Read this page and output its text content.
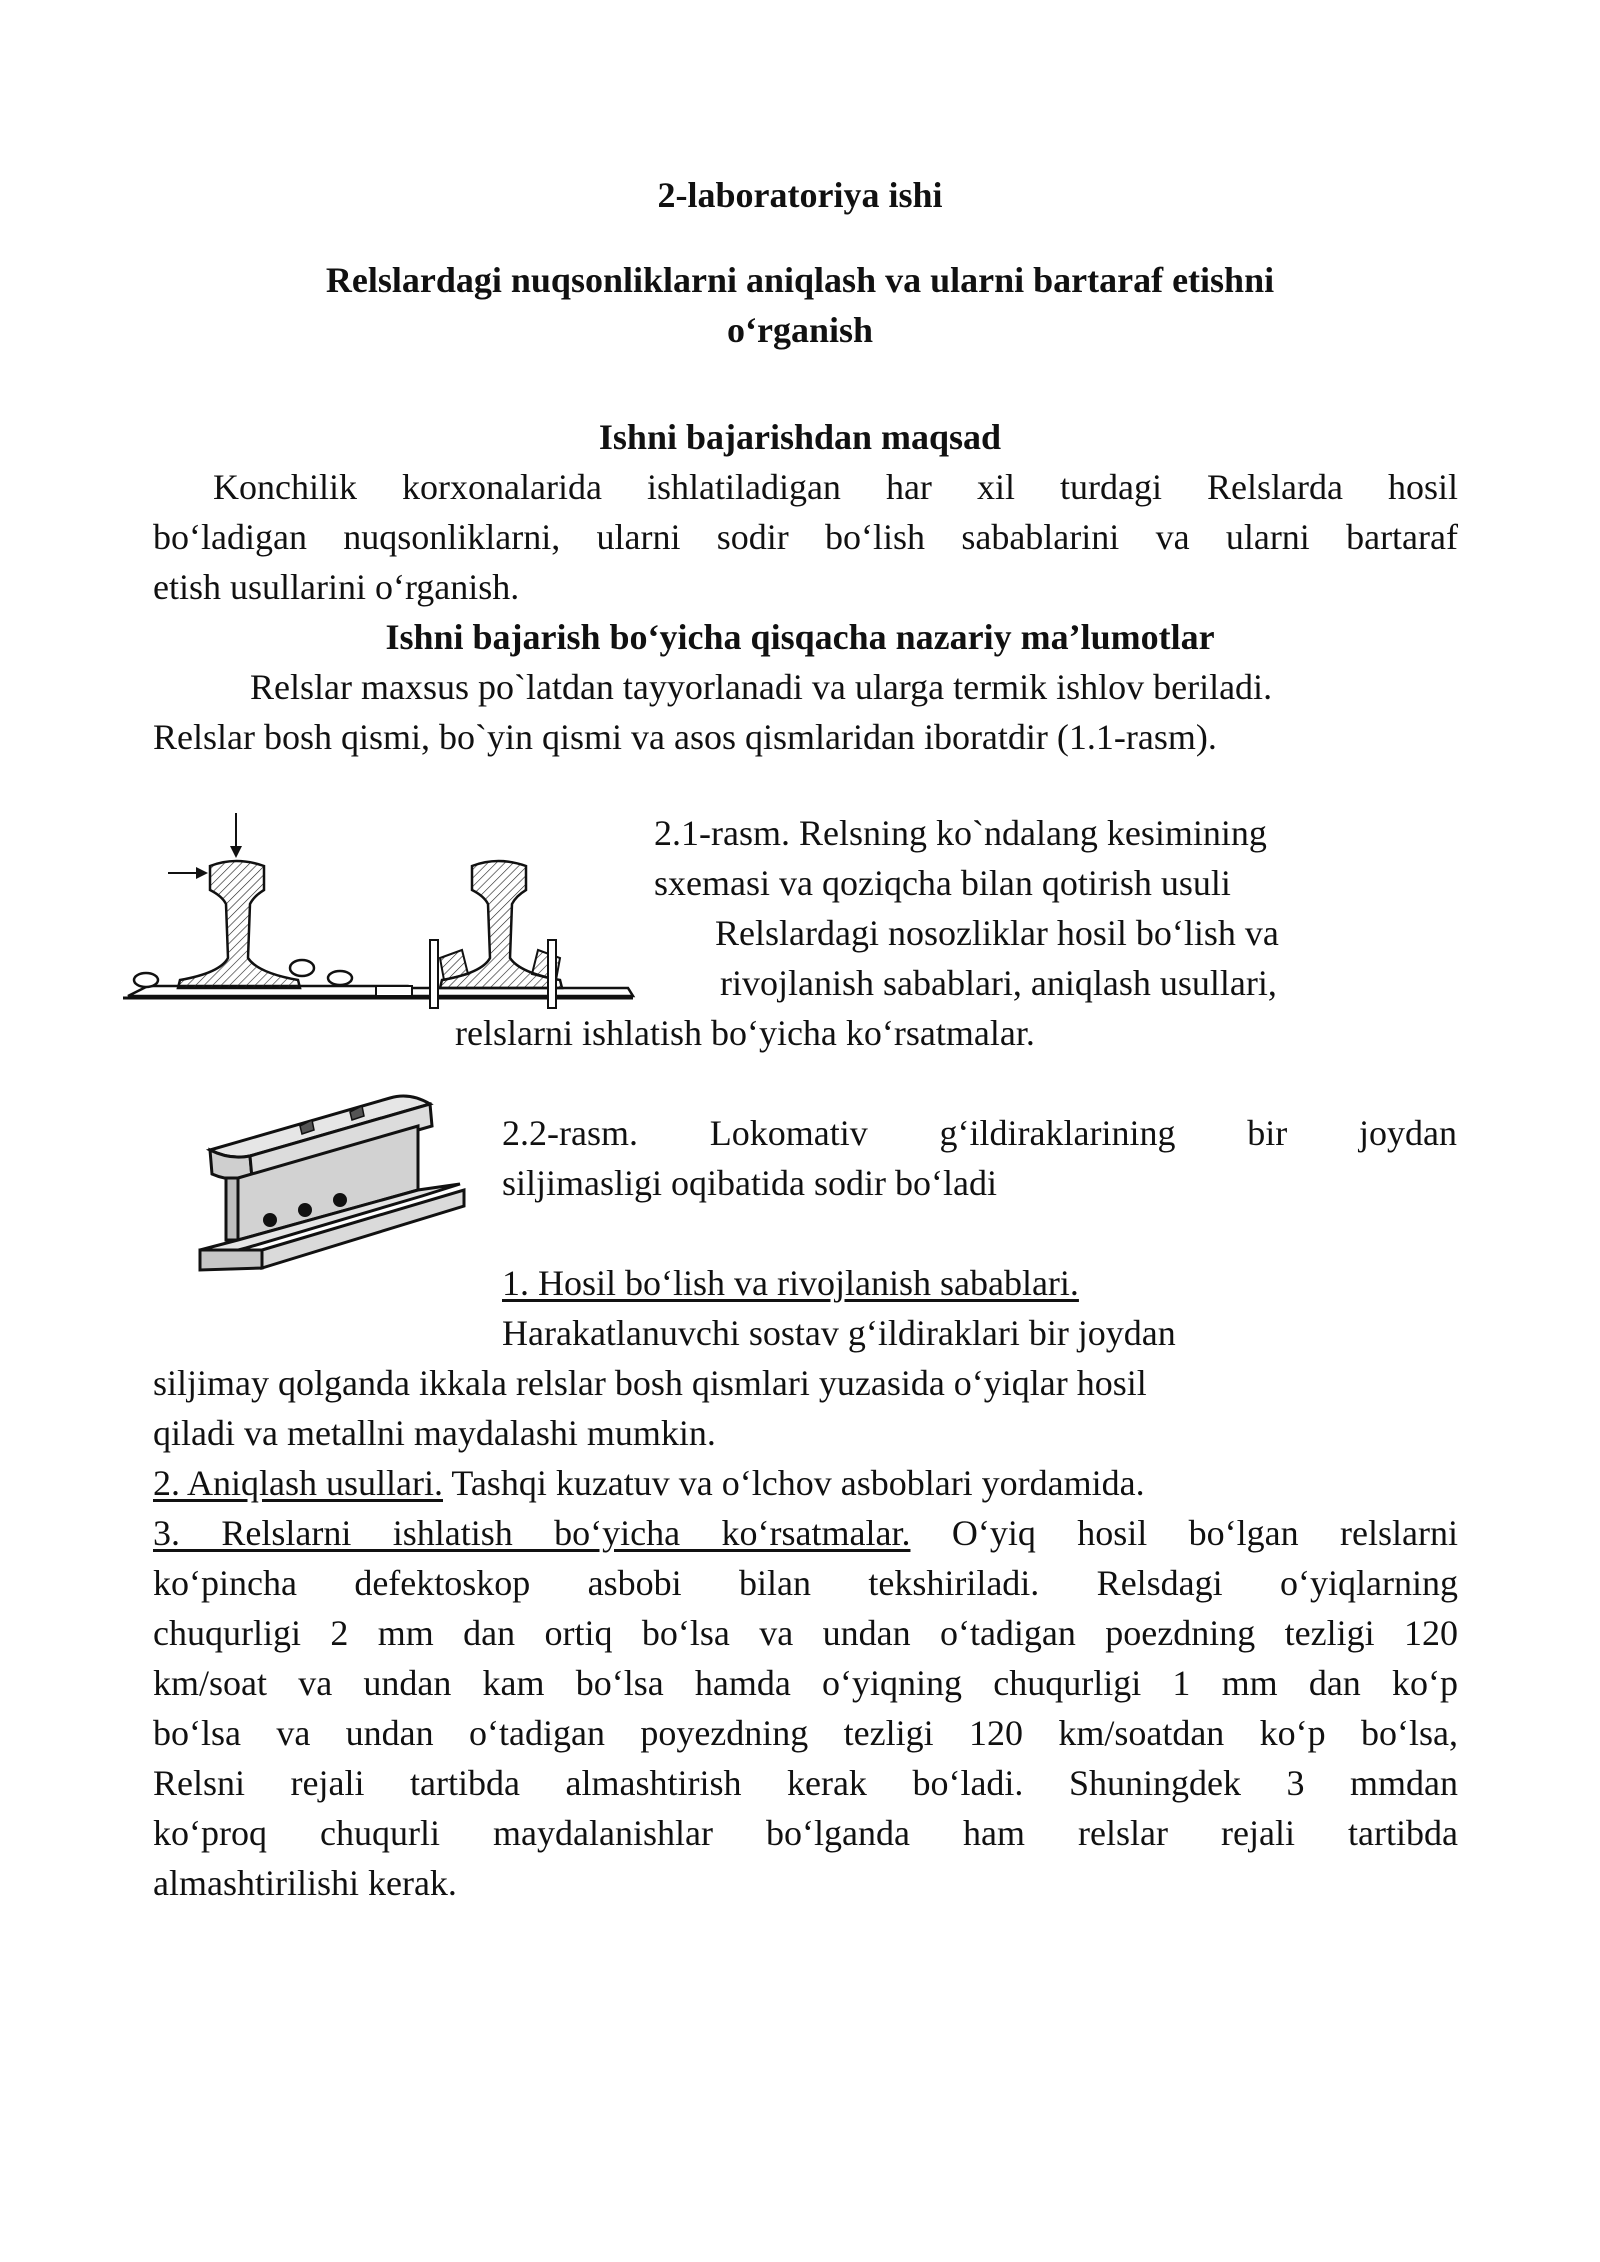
2-laboratoriya ishi
Relslardagi nuqsonliklarni aniqlash va ularni bartaraf etishni
o‘rganish
Ishni bajarishdan maqsad
Konchilik korxonalarida ishlatiladigan har xil turdagi Relslarda hosil
bo‘ladigan nuqsonliklarni, ularni sodir bo‘lish sabablarini va ularni bartaraf
etish usullarini o‘rganish.
Ishni bajarish bo‘yicha qisqacha nazariy ma’lumotlar
Relslar maxsus po`latdan tayyorlanadi va ularga termik ishlov beriladi.
Relslar bosh qismi, bo`yin qismi va asos qismlaridan iboratdir (1.1-rasm).
2.1-rasm. Relsning ko`ndalang kesimining
sxemasi va qoziqcha bilan qotirish usuli
Relslardagi nosozliklar hosil bo‘lish va
rivojlanish sabablari, aniqlash usullari,
relslarni ishlatish bo‘yicha ko‘rsatmalar.
2.2-rasm. Lokomativ g‘ildiraklarining bir joydan
siljimasligi oqibatida sodir bo‘ladi
1. Hosil bo‘lish va rivojlanish sabablari.
Harakatlanuvchi sostav g‘ildiraklari bir joydan
siljimay qolganda ikkala relslar bosh qismlari yuzasida o‘yiqlar hosil
qiladi va metallni maydalashi mumkin.
2. Aniqlash usullari. Tashqi kuzatuv va o‘lchov asboblari yordamida.
3. Relslarni ishlatish bo‘yicha ko‘rsatmalar. O‘yiq hosil bo‘lgan relslarni
ko‘pincha defektoskop asbobi bilan tekshiriladi. Relsdagi o‘yiqlarning
chuqurligi 2 mm dan ortiq bo‘lsa va undan o‘tadigan poezdning tezligi 120
km/soat va undan kam bo‘lsa hamda o‘yiqning chuqurligi 1 mm dan ko‘p
bo‘lsa va undan o‘tadigan poyezdning tezligi 120 km/soatdan ko‘p bo‘lsa,
Relsni rejali tartibda almashtirish kerak bo‘ladi. Shuningdek 3 mmdan
ko‘proq chuqurli maydalanishlar bo‘lganda ham relslar rejali tartibda
almashtirilishi kerak.
